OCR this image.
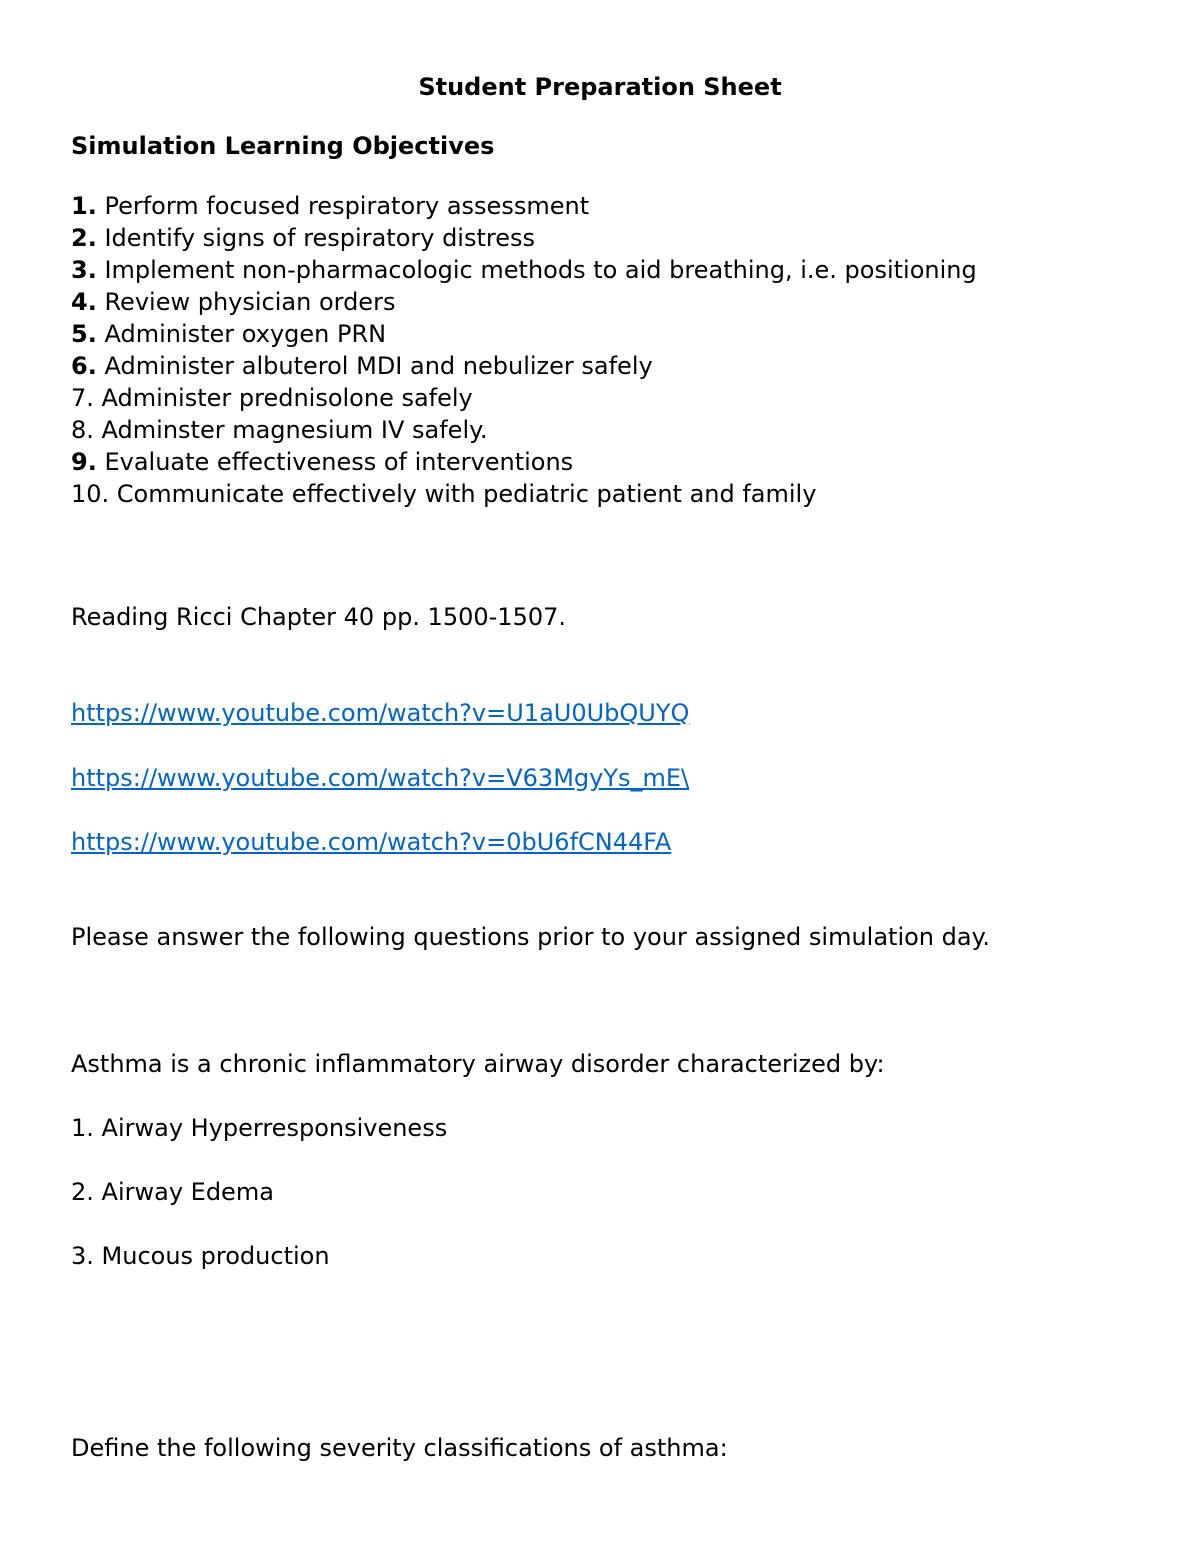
Student Preparation Sheet

Simulation Learning Objectives

1. Perform focused respiratory assessment
2. Identify signs of respiratory distress
3. Implement non-pharmacologic methods to aid breathing, i.e. positioning
4. Review physician orders
5. Administer oxygen PRN
6. Administer albuterol MDI and nebulizer safely
7. Administer prednisolone safely
8. Adminster magnesium IV safely.
9. Evaluate effectiveness of interventions
10. Communicate effectively with pediatric patient and family

Reading Ricci Chapter 40 pp. 1500-1507.

https://www.youtube.com/watch?v=U1aU0UbQUYQ
https://www.youtube.com/watch?v=V63MgyYs_mE\
https://www.youtube.com/watch?v=0bU6fCN44FA

Please answer the following questions prior to your assigned simulation day.

Asthma is a chronic inflammatory airway disorder characterized by:

1. Airway Hyperresponsiveness

2. Airway Edema

3. Mucous production

Define the following severity classifications of asthma:
